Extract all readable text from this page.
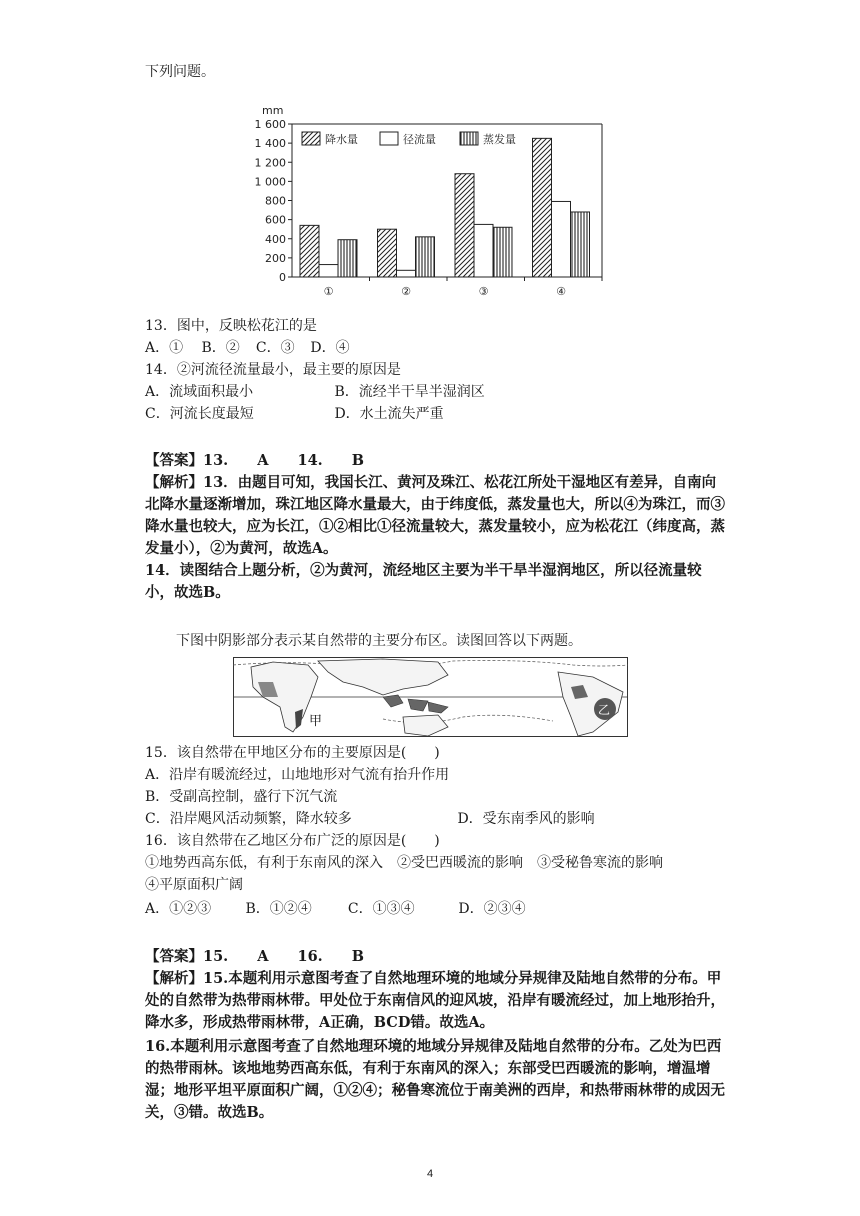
下列问题。
mm
0
200
400
600
800
1 000
1 200
1 400
1 600
①	②	③	④
降水量	径流量	蒸发量
13．图中，反映松花江的是
A．① B．② C．③ D．④
14．②河流径流量最小，最主要的原因是
A．流域面积最小	B．流经半干旱半湿润区
C．河流长度最短	D．水土流失严重
【答案】13.　　A　　14.　　B
【解析】13．由题目可知，我国长江、黄河及珠江、松花江所处干湿地区有差异，自南向北降水量逐渐增加，珠江地区降水量最大，由于纬度低，蒸发量也大，所以④为珠江，而③降水量也较大，应为长江，①②相比①径流量较大，蒸发量较小，应为松花江（纬度高，蒸发量小），②为黄河，故选A。
14．读图结合上题分析，②为黄河，流经地区主要为半干旱半湿润地区，所以径流量较小，故选B。
下图中阴影部分表示某自然带的主要分布区。读图回答以下两题。
甲
乙
15．该自然带在甲地区分布的主要原因是(　　)
A．沿岸有暖流经过，山地地形对气流有抬升作用
B．受副高控制，盛行下沉气流
C．沿岸飓风活动频繁，降水较多	D．受东南季风的影响
16．该自然带在乙地区分布广泛的原因是(　　)
①地势西高东低，有利于东南风的深入　②受巴西暖流的影响　③受秘鲁寒流的影响
④平原面积广阔
A．①②③ B．①②④	C．①③④	D．②③④
【答案】15.　　A　　16.　　B
【解析】15.本题利用示意图考查了自然地理环境的地域分异规律及陆地自然带的分布。甲处的自然带为热带雨林带。甲处位于东南信风的迎风坡，沿岸有暖流经过，加上地形抬升，降水多，形成热带雨林带，A正确，BCD错。故选A。
16.本题利用示意图考查了自然地理环境的地域分异规律及陆地自然带的分布。乙处为巴西的热带雨林。该地地势西高东低，有利于东南风的深入；东部受巴西暖流的影响，增温增湿；地形平坦平原面积广阔，①②④；秘鲁寒流位于南美洲的西岸，和热带雨林带的成因无关，③错。故选B。
4
